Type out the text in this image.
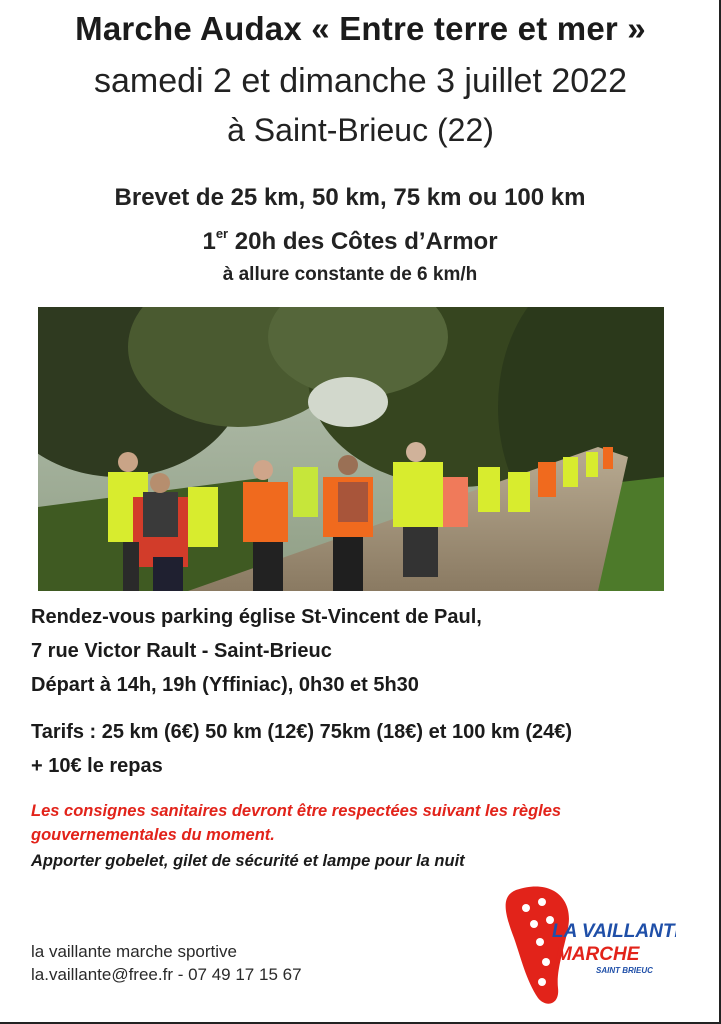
Marche Audax « Entre terre et mer »
samedi 2 et dimanche 3 juillet 2022
à Saint-Brieuc (22)
Brevet de 25 km, 50 km, 75 km ou 100 km
1er 20h des Côtes d’Armor
à allure constante de 6 km/h
Rendez-vous parking église St-Vincent de Paul,
7 rue Victor Rault - Saint-Brieuc
Départ à 14h, 19h (Yffiniac), 0h30 et 5h30
Tarifs : 25 km (6€) 50 km (12€) 75km (18€) et 100 km (24€)
+ 10€ le repas
Les consignes sanitaires devront être respectées suivant les règles
gouvernementales du moment.
Apporter gobelet, gilet de sécurité et lampe pour la nuit
la vaillante marche sportive
la.vaillante@free.fr - 07 49 17 15 67
LA VAILLANTE
MARCHE
SAINT BRIEUC
